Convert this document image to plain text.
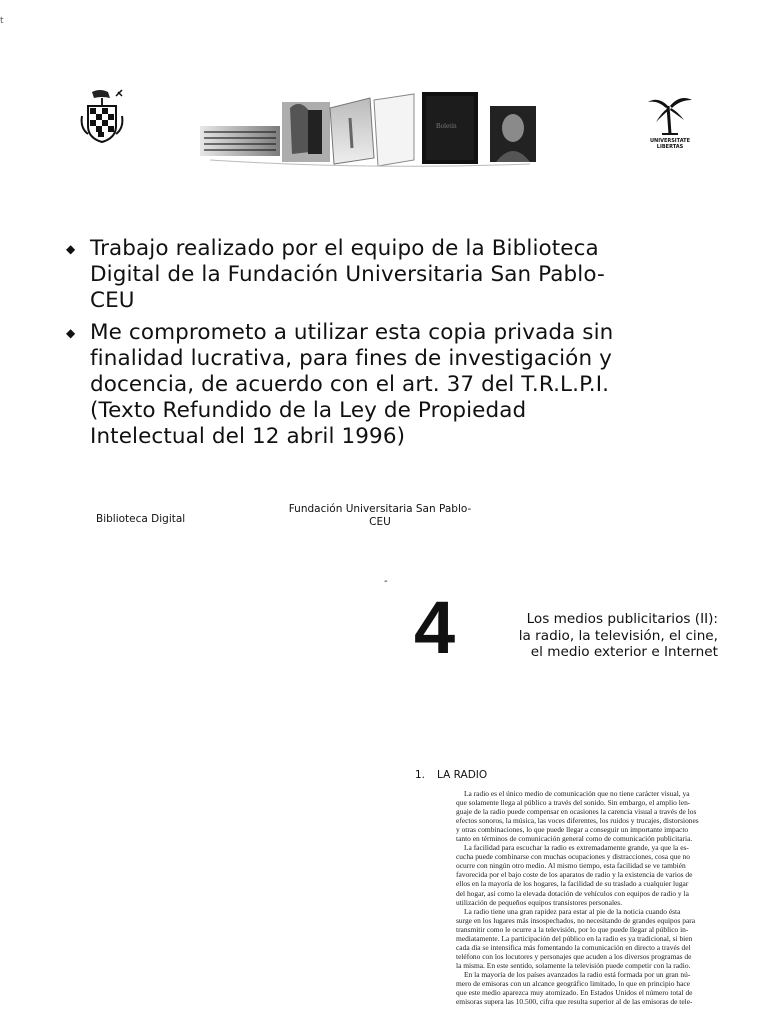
t
Boletín
UNIVERSITATE
LIBERTAS
◆ Trabajo realizado por el equipo de la Biblioteca
Digital de la Fundación Universitaria San Pablo-
CEU
◆ Me comprometo a utilizar esta copia privada sin
finalidad lucrativa, para fines de investigación y
docencia, de acuerdo con el art. 37 del T.R.L.P.I.
(Texto Refundido de la Ley de Propiedad
Intelectual del 12 abril 1996)
Biblioteca Digital
Fundación Universitaria San Pablo-
CEU
-
4	Los medios publicitarios (II):
la radio, la televisión, el cine,
el medio exterior e Internet
1. LA RADIO
La radio es el único medio de comunicación que no tiene carácter visual, ya
que solamente llega al público a través del sonido. Sin embargo, el amplio len-
guaje de la radio puede compensar en ocasiones la carencia visual a través de los
efectos sonoros, la música, las voces diferentes, los ruidos y trucajes, distorsiones
y otras combinaciones, lo que puede llegar a conseguir un importante impacto
tanto en términos de comunicación general como de comunicación publicitaria.
La facilidad para escuchar la radio es extremadamente grande, ya que la es-
cucha puede combinarse con muchas ocupaciones y distracciones, cosa que no
ocurre con ningún otro medio. Al mismo tiempo, esta facilidad se ve también
favorecida por el bajo coste de los aparatos de radio y la existencia de varios de
ellos en la mayoría de los hogares, la facilidad de su traslado a cualquier lugar
del hogar, así como la elevada dotación de vehículos con equipos de radio y la
utilización de pequeños equipos transistores personales.
La radio tiene una gran rapidez para estar al pie de la noticia cuando ésta
surge en los lugares más insospechados, no necesitando de grandes equipos para
transmitir como le ocurre a la televisión, por lo que puede llegar al público in-
mediatamente. La participación del público en la radio es ya tradicional, si bien
cada día se intensifica más fomentando la comunicación en directo a través del
teléfono con los locutores y personajes que acuden a los diversos programas de
la misma. En este sentido, solamente la televisión puede competir con la radio.
En la mayoría de los países avanzados la radio está formada por un gran nú-
mero de emisoras con un alcance geográfico limitado, lo que en principio hace
que este medio aparezca muy atomizado. En Estados Unidos el número total de
emisoras supera las 10.500, cifra que resulta superior al de las emisoras de tele-
